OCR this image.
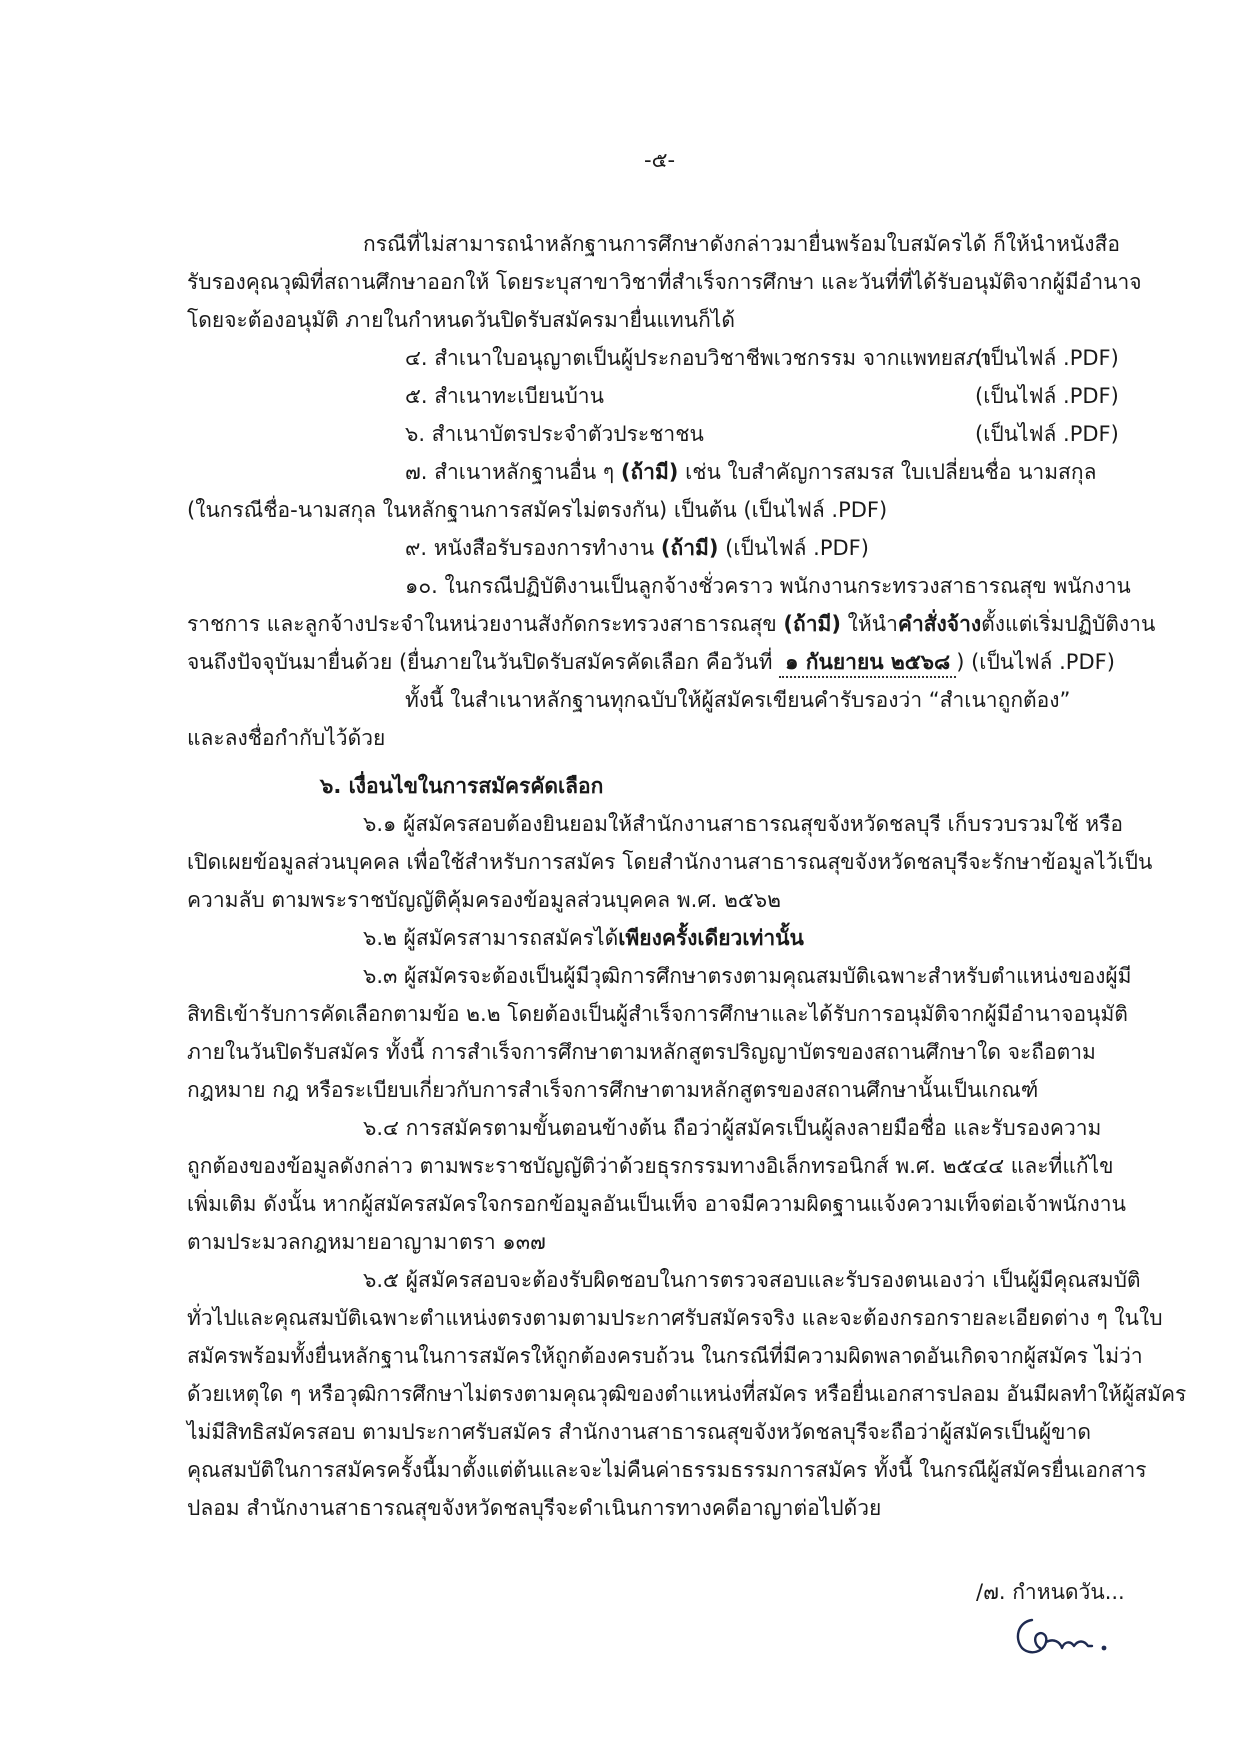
-๕-
กรณีที่ไม่สามารถนำหลักฐานการศึกษาดังกล่าวมายื่นพร้อมใบสมัครได้ ก็ให้นำหนังสือ
รับรองคุณวุฒิที่สถานศึกษาออกให้ โดยระบุสาขาวิชาที่สำเร็จการศึกษา และวันที่ที่ได้รับอนุมัติจากผู้มีอำนาจ
โดยจะต้องอนุมัติ ภายในกำหนดวันปิดรับสมัครมายื่นแทนก็ได้
๔. สำเนาใบอนุญาตเป็นผู้ประกอบวิชาชีพเวชกรรม จากแพทยสภา
(เป็นไฟล์ .PDF)
๕. สำเนาทะเบียนบ้าน	(เป็นไฟล์ .PDF)
๖. สำเนาบัตรประจำตัวประชาชน	(เป็นไฟล์ .PDF)
๗. สำเนาหลักฐานอื่น ๆ (ถ้ามี) เช่น ใบสำคัญการสมรส ใบเปลี่ยนชื่อ นามสกุล
(ในกรณีชื่อ-นามสกุล ในหลักฐานการสมัครไม่ตรงกัน) เป็นต้น (เป็นไฟล์ .PDF)
๙. หนังสือรับรองการทำงาน (ถ้ามี) (เป็นไฟล์ .PDF)
๑๐. ในกรณีปฏิบัติงานเป็นลูกจ้างชั่วคราว พนักงานกระทรวงสาธารณสุข พนักงาน
ราชการ และลูกจ้างประจำในหน่วยงานสังกัดกระทรวงสาธารณสุข (ถ้ามี) ให้นำคำสั่งจ้างตั้งแต่เริ่มปฏิบัติงาน
จนถึงปัจจุบันมายื่นด้วย (ยื่นภายในวันปิดรับสมัครคัดเลือก คือวันที่ ๑ กันยายน ๒๕๖๘ ) (เป็นไฟล์ .PDF)
ทั้งนี้ ในสำเนาหลักฐานทุกฉบับให้ผู้สมัครเขียนคำรับรองว่า “สำเนาถูกต้อง”
และลงชื่อกำกับไว้ด้วย
๖. เงื่อนไขในการสมัครคัดเลือก
๖.๑ ผู้สมัครสอบต้องยินยอมให้สำนักงานสาธารณสุขจังหวัดชลบุรี เก็บรวบรวมใช้ หรือ
เปิดเผยข้อมูลส่วนบุคคล เพื่อใช้สำหรับการสมัคร โดยสำนักงานสาธารณสุขจังหวัดชลบุรีจะรักษาข้อมูลไว้เป็น
ความลับ ตามพระราชบัญญัติคุ้มครองข้อมูลส่วนบุคคล พ.ศ. ๒๕๖๒
๖.๒ ผู้สมัครสามารถสมัครได้เพียงครั้งเดียวเท่านั้น
๖.๓ ผู้สมัครจะต้องเป็นผู้มีวุฒิการศึกษาตรงตามคุณสมบัติเฉพาะสำหรับตำแหน่งของผู้มี
สิทธิเข้ารับการคัดเลือกตามข้อ ๒.๒ โดยต้องเป็นผู้สำเร็จการศึกษาและได้รับการอนุมัติจากผู้มีอำนาจอนุมัติ
ภายในวันปิดรับสมัคร ทั้งนี้ การสำเร็จการศึกษาตามหลักสูตรปริญญาบัตรของสถานศึกษาใด จะถือตาม
กฎหมาย กฎ หรือระเบียบเกี่ยวกับการสำเร็จการศึกษาตามหลักสูตรของสถานศึกษานั้นเป็นเกณฑ์
๖.๔ การสมัครตามขั้นตอนข้างต้น ถือว่าผู้สมัครเป็นผู้ลงลายมือชื่อ และรับรองความ
ถูกต้องของข้อมูลดังกล่าว ตามพระราชบัญญัติว่าด้วยธุรกรรมทางอิเล็กทรอนิกส์ พ.ศ. ๒๕๔๔ และที่แก้ไข
เพิ่มเติม ดังนั้น หากผู้สมัครสมัครใจกรอกข้อมูลอันเป็นเท็จ อาจมีความผิดฐานแจ้งความเท็จต่อเจ้าพนักงาน
ตามประมวลกฎหมายอาญามาตรา ๑๓๗
๖.๕ ผู้สมัครสอบจะต้องรับผิดชอบในการตรวจสอบและรับรองตนเองว่า เป็นผู้มีคุณสมบัติ
ทั่วไปและคุณสมบัติเฉพาะตำแหน่งตรงตามตามประกาศรับสมัครจริง และจะต้องกรอกรายละเอียดต่าง ๆ ในใบ
สมัครพร้อมทั้งยื่นหลักฐานในการสมัครให้ถูกต้องครบถ้วน ในกรณีที่มีความผิดพลาดอันเกิดจากผู้สมัคร ไม่ว่า
ด้วยเหตุใด ๆ หรือวุฒิการศึกษาไม่ตรงตามคุณวุฒิของตำแหน่งที่สมัคร หรือยื่นเอกสารปลอม อันมีผลทำให้ผู้สมัคร
ไม่มีสิทธิสมัครสอบ ตามประกาศรับสมัคร สำนักงานสาธารณสุขจังหวัดชลบุรีจะถือว่าผู้สมัครเป็นผู้ขาด
คุณสมบัติในการสมัครครั้งนี้มาตั้งแต่ต้นและจะไม่คืนค่าธรรมธรรมการสมัคร ทั้งนี้ ในกรณีผู้สมัครยื่นเอกสาร
ปลอม สำนักงานสาธารณสุขจังหวัดชลบุรีจะดำเนินการทางคดีอาญาต่อไปด้วย
/๗. กำหนดวัน...
